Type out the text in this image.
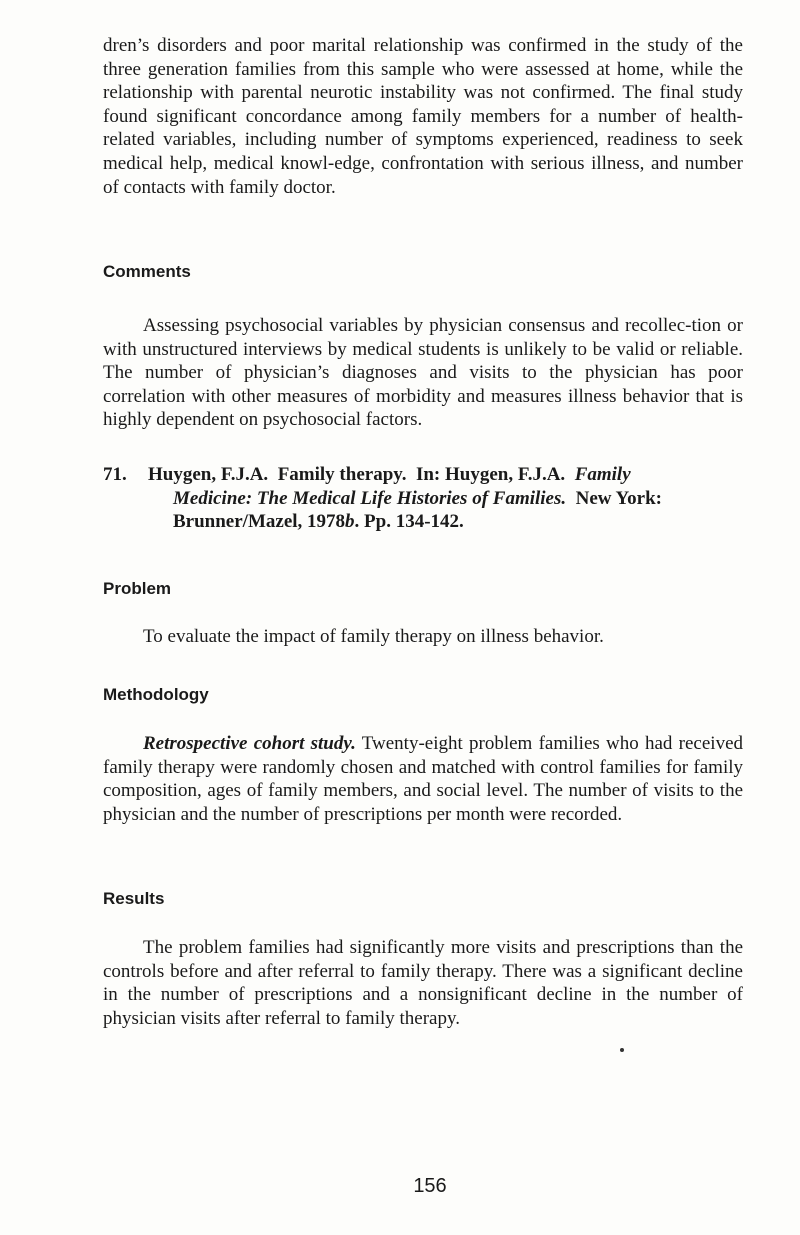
dren’s disorders and poor marital relationship was confirmed in the study of the three generation families from this sample who were assessed at home, while the relationship with parental neurotic instability was not confirmed. The final study found significant concordance among family members for a number of health-related variables, including number of symptoms experienced, readiness to seek medical help, medical knowl-edge, confrontation with serious illness, and number of contacts with family doctor.

Comments

Assessing psychosocial variables by physician consensus and recollec-tion or with unstructured interviews by medical students is unlikely to be valid or reliable. The number of physician’s diagnoses and visits to the physician has poor correlation with other measures of morbidity and measures illness behavior that is highly dependent on psychosocial factors.

71. Huygen, F.J.A. Family therapy. In: Huygen, F.J.A. Family
Medicine: The Medical Life Histories of Families. New York: Brunner/Mazel, 1978b. Pp. 134-142.
Problem

To evaluate the impact of family therapy on illness behavior.

Methodology

Retrospective cohort study. Twenty-eight problem families who had received family therapy were randomly chosen and matched with control families for family composition, ages of family members, and social level. The number of visits to the physician and the number of prescriptions per month were recorded.

Results

The problem families had significantly more visits and prescriptions than the controls before and after referral to family therapy. There was a significant decline in the number of prescriptions and a nonsignificant decline in the number of physician visits after referral to family therapy.

156
